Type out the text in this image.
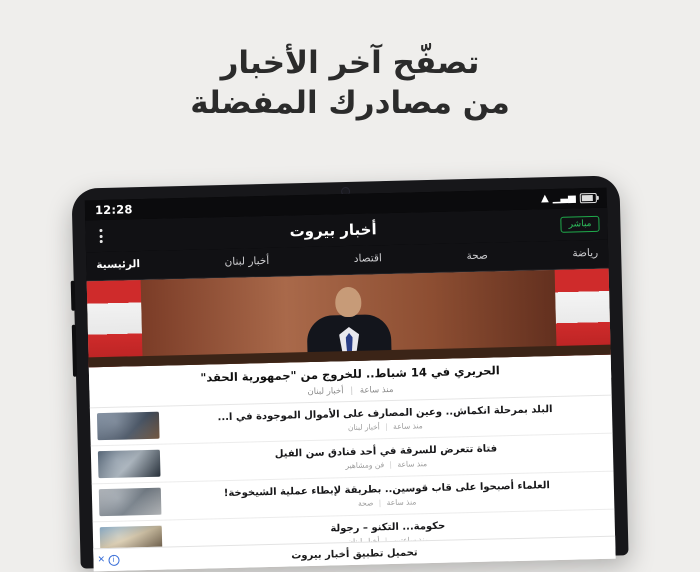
تصفّح آخر الأخبار
من مصادرك المفضلة
12:28
▲ ▁▃▅
مباشر
أخبار بيروت
رياضة
صحة
اقتصاد
أخبار لبنان
الرئيسية
الحريري في 14 شباط.. للخروج من "جمهورية الحقد"
منذ ساعة | أخبار لبنان
البلد بمرحلة انكماش.. وعين المصارف على الأموال الموجودة في ا...
منذ ساعة | أخبار لبنان
فتاة تتعرض للسرقة في أحد فنادق سن الفيل
منذ ساعة | فن ومشاهير
العلماء أصبحوا على قاب قوسين.. بطريقة لإبطاء عملية الشيخوخة!
منذ ساعة | صحة
حكومة... التكنو – رجولة
✕	i	تحميل تطبيق أخبار بيروت
